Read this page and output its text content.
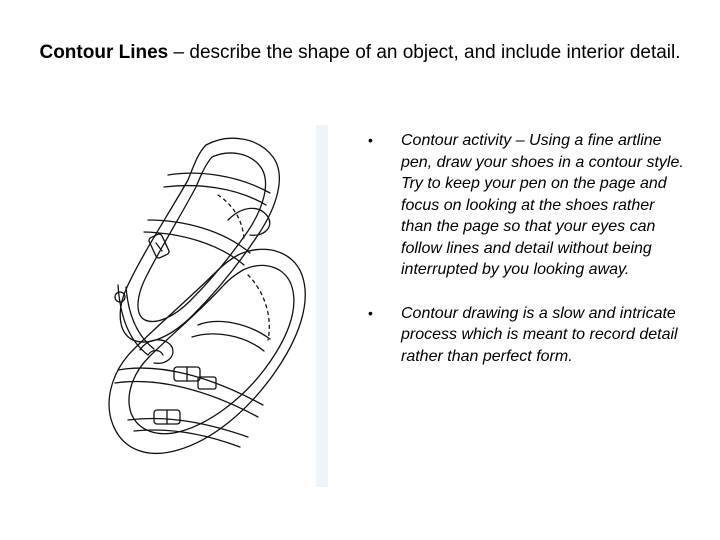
Contour Lines – describe the shape of an object, and include interior detail.
•	Contour activity – Using a fine artline pen, draw your shoes in a contour style. Try to keep your pen on the page and focus on looking at the shoes rather than the page so that your eyes can follow lines and detail without being interrupted by you looking away.
•	Contour drawing is a slow and intricate process which is meant to record detail rather than perfect form.
